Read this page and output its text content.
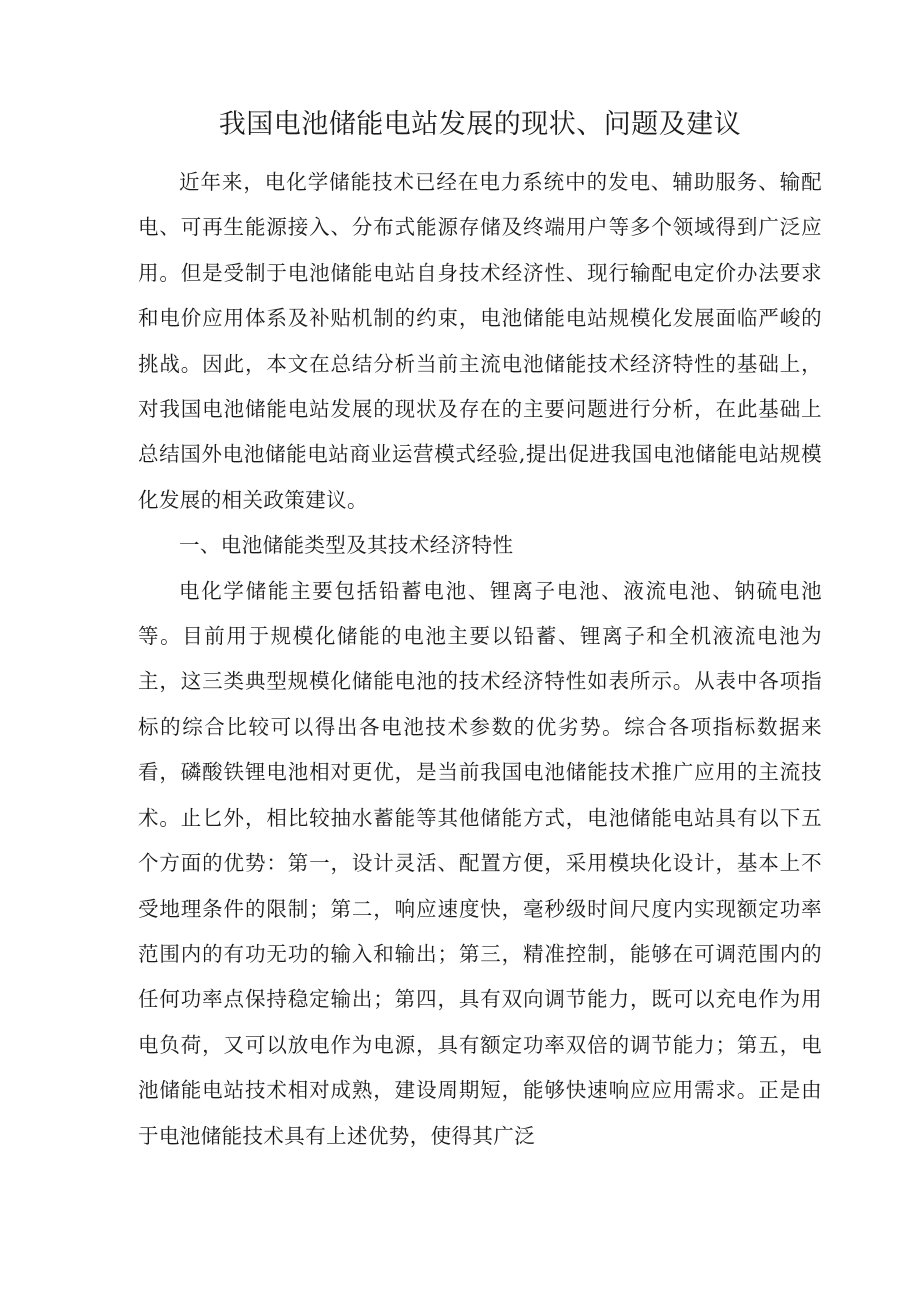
我国电池储能电站发展的现状、问题及建议

近年来，电化学储能技术已经在电力系统中的发电、辅助服务、输配电、可再生能源接入、分布式能源存储及终端用户等多个领域得到广泛应用。但是受制于电池储能电站自身技术经济性、现行输配电定价办法要求和电价应用体系及补贴机制的约束，电池储能电站规模化发展面临严峻的挑战。因此，本文在总结分析当前主流电池储能技术经济特性的基础上，对我国电池储能电站发展的现状及存在的主要问题进行分析，在此基础上总结国外电池储能电站商业运营模式经验,提出促进我国电池储能电站规模化发展的相关政策建议。

一、电池储能类型及其技术经济特性

电化学储能主要包括铅蓄电池、锂离子电池、液流电池、钠硫电池等。目前用于规模化储能的电池主要以铅蓄、锂离子和全机液流电池为主，这三类典型规模化储能电池的技术经济特性如表所示。从表中各项指标的综合比较可以得出各电池技术参数的优劣势。综合各项指标数据来看，磷酸铁锂电池相对更优，是当前我国电池储能技术推广应用的主流技术。止匕外，相比较抽水蓄能等其他储能方式，电池储能电站具有以下五个方面的优势：第一，设计灵活、配置方便，采用模块化设计，基本上不受地理条件的限制；第二，响应速度快，毫秒级时间尺度内实现额定功率范围内的有功无功的输入和输出；第三，精准控制，能够在可调范围内的任何功率点保持稳定输出；第四，具有双向调节能力，既可以充电作为用电负荷，又可以放电作为电源，具有额定功率双倍的调节能力；第五，电池储能电站技术相对成熟，建设周期短，能够快速响应应用需求。正是由于电池储能技术具有上述优势，使得其广泛
